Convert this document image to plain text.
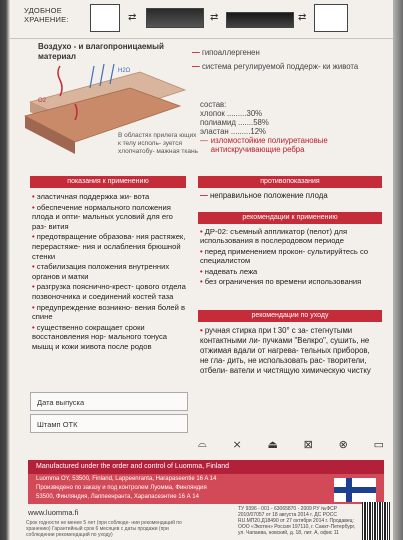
УДОБНОЕ
ХРАНЕНИЕ:	⇄	⇄	⇄
Воздухо - и влагопроницаемый
материал
H2O
O2
В областях прилега ющих к телу исполь- зуется хлопчатобу- мажная ткань
— гипоаллергенен
— система регулируемой поддерж- ки живота
состав:
хлопок .........30%
полиамид .......58%
эластан .........12%
— изломостойкие полиуретановые антискручивающие ребра
показания к применению	противопоказания
рекомендации к применению
рекомендации по уходу

• эластичная поддержка жи- вота

• обеспечение нормального положения плода и опти- мальных условий для его раз- вития

• предотвращение образова- ния растяжек, перерастяже- ния и ослабления брюшной стенки

• стабилизация положения внутренних органов и матки

• разгрузка пояснично-крест- цового отдела позвоночника и соединений костей таза

• предупреждение возникно- вения болей в спине

• существенно сокращает сроки восстановления нор- мального тонуса мышц и кожи живота после родов

— неправильное положение плода

• ДР-02: съемный аппликатор (пелот) для использования в послеродовом периоде

• перед применением прокон- сультируйтесь со специалистом

• надевать лежа

• без ограничения по времени использования

• ручная стирка при t 30° с за- стегнутыми контактными ли- пучками "Велкро", сушить, не отжимая вдали от нагрева- тельных приборов, не гла- дить, не использовать рас- творители, отбели- ватели и чистящую химическую чистку

Дата выпуска
Штамп ОТК
⌓ ⨯ ⏏ ⊠ ⊗ ▭
Manufactured under the order and control of Luomma, Finland
Luomma OY, 53500, Finland, Lappeenranta, Harapaseentie 16 A 14
Произведено по заказу и под контролем Луомма, Финляндия
53500, Финляндия, Лаппеенранта, Харапасеэнтие 16 А 14
www.luomma.fi
Срок годности не менее 5 лет (при соблюде- нии рекомендаций по хранению) Гарантийный срок 6 месяцев с даты продажи (при соблюдении рекомендаций по уходу)
ТУ 9396 - 001 - 63065870 - 2009 РУ №ФСР 2010/07057 от 18 августа 2014 г. ДС РОСС RU.МП20.Д18490 от 27 октября 2014 г. Продавец: ООО «Экотен» Россия 197110, г. Санкт-Петербург, ул. Чапаева, новский, д. 18, лит. А, офис 11
